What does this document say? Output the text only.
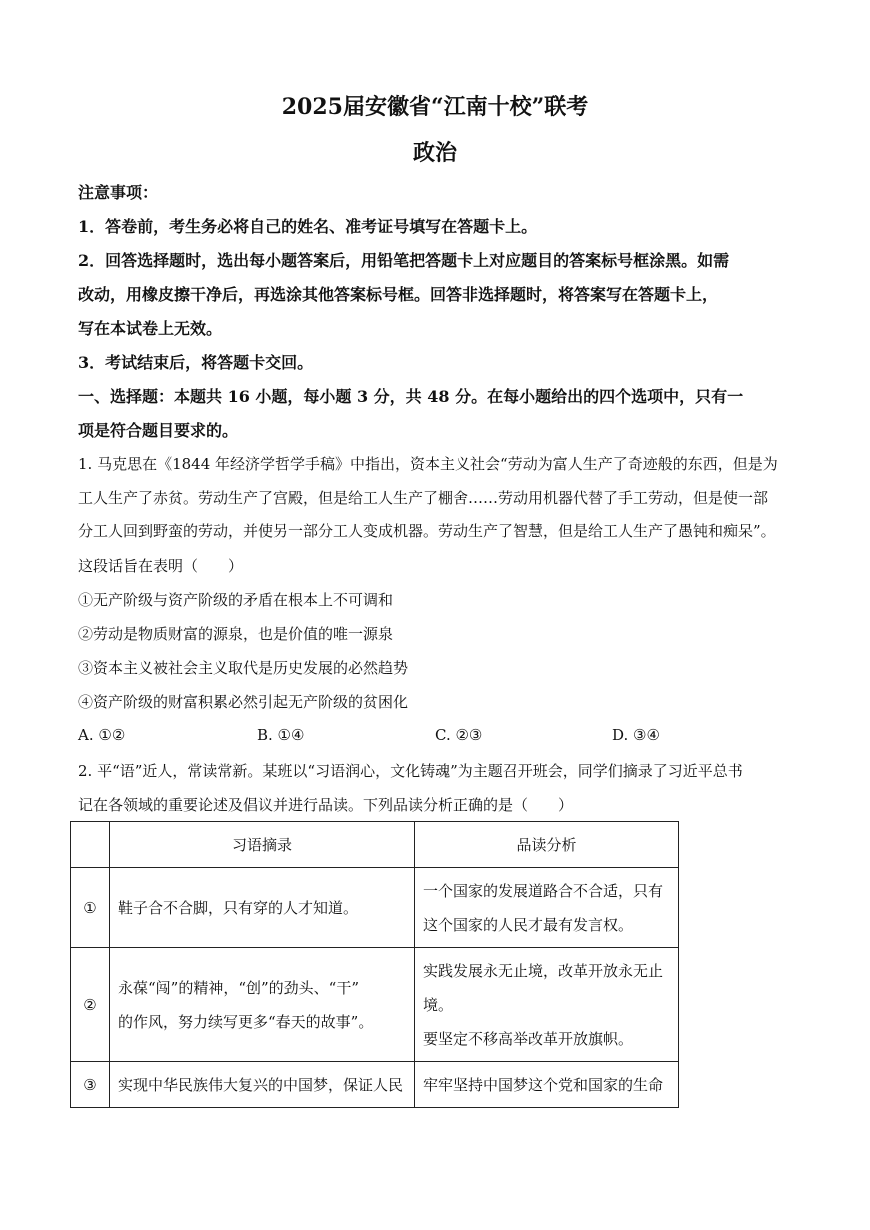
2025届安徽省“江南十校”联考
政治
注意事项：
1．答卷前，考生务必将自己的姓名、准考证号填写在答题卡上。
2．回答选择题时，选出每小题答案后，用铅笔把答题卡上对应题目的答案标号框涂黑。如需
改动，用橡皮擦干净后，再选涂其他答案标号框。回答非选择题时，将答案写在答题卡上，
写在本试卷上无效。
3．考试结束后，将答题卡交回。
一、选择题：本题共 16 小题，每小题 3 分，共 48 分。在每小题给出的四个选项中，只有一
项是符合题目要求的。
1. 马克思在《1844 年经济学哲学手稿》中指出，资本主义社会“劳动为富人生产了奇迹般的东西，但是为
工人生产了赤贫。劳动生产了宫殿，但是给工人生产了棚舍……劳动用机器代替了手工劳动，但是使一部
分工人回到野蛮的劳动，并使另一部分工人变成机器。劳动生产了智慧，但是给工人生产了愚钝和痴呆”。
这段话旨在表明（　　）
①无产阶级与资产阶级的矛盾在根本上不可调和
②劳动是物质财富的源泉，也是价值的唯一源泉
③资本主义被社会主义取代是历史发展的必然趋势
④资产阶级的财富积累必然引起无产阶级的贫困化
A. ①②	B. ①④	C. ②③	D. ③④
2. 平“语”近人，常读常新。某班以“习语润心，文化铸魂”为主题召开班会，同学们摘录了习近平总书
记在各领域的重要论述及倡议并进行品读。下列品读分析正确的是（　　）
	习语摘录	品读分析
①	鞋子合不合脚，只有穿的人才知道。	一个国家的发展道路合不合适，只有
这个国家的人民才最有发言权。

②	永葆“闯”的精神，“创”的劲头、“干”
的作风，努力续写更多“春天的故事”。	实践发展永无止境，改革开放永无止
境。
要坚定不移高举改革开放旗帜。

③	实现中华民族伟大复兴的中国梦，保证人民	牢牢坚持中国梦这个党和国家的生命
